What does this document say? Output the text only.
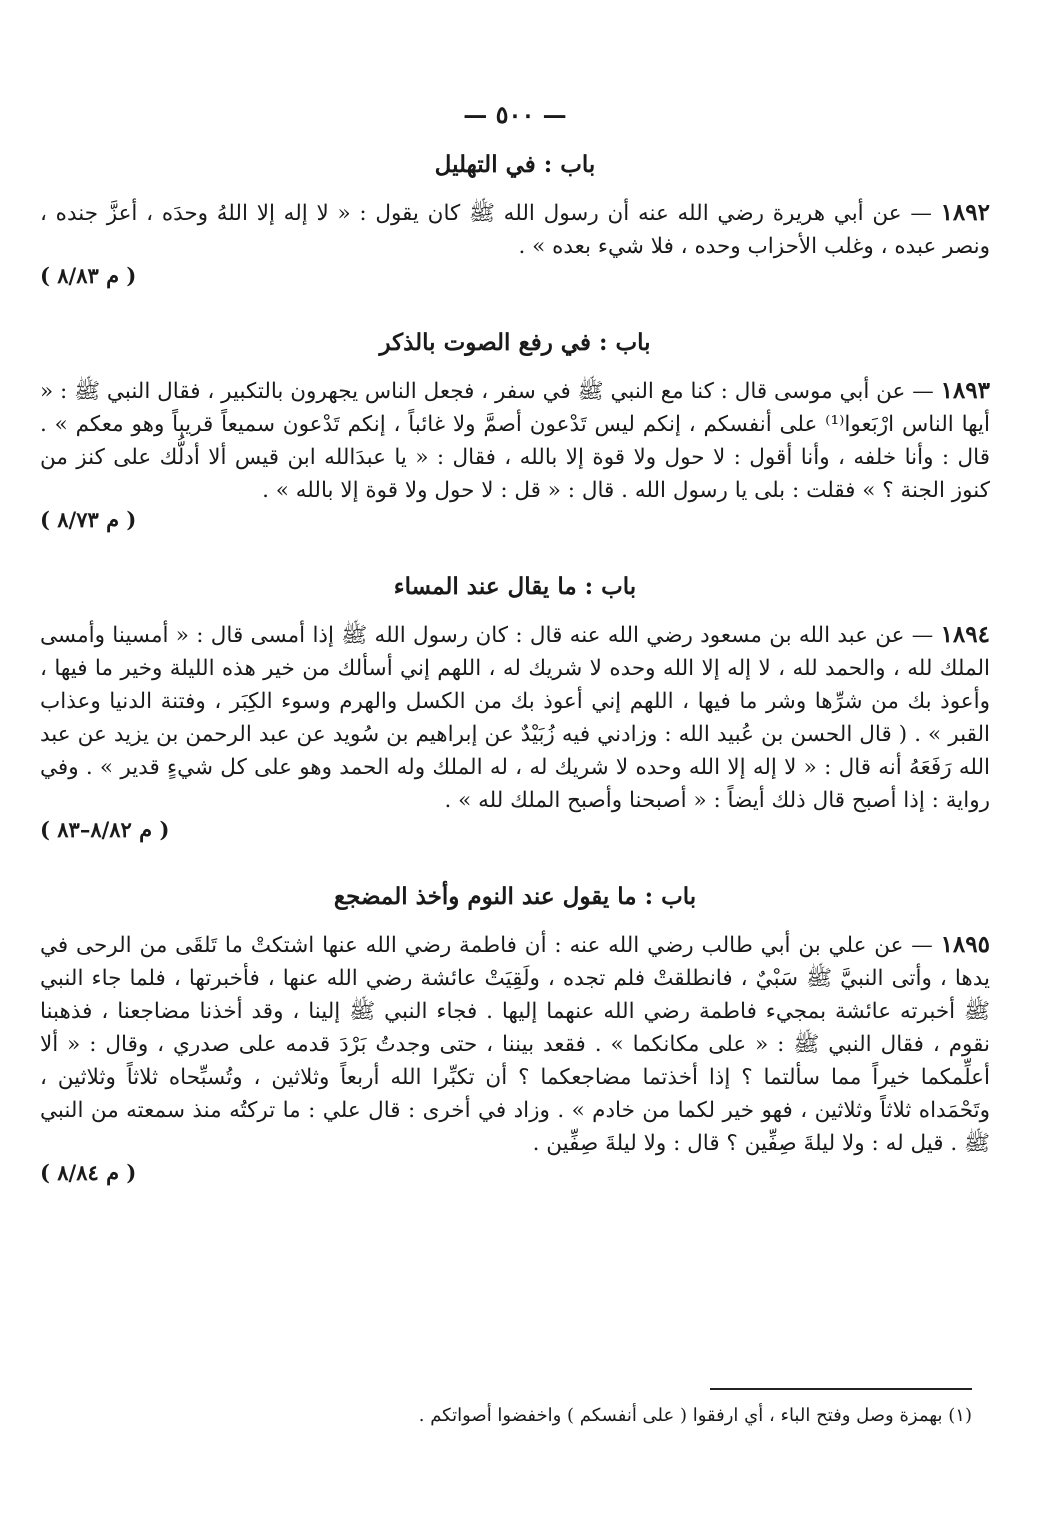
— ٥٠٠ —
باب : في التهليل

١٨٩٢ — عن أبي هريرة رضي الله عنه أن رسول الله ﷺ كان يقول : « لا إله إلا اللهُ وحدَه ، أعزَّ جنده ، ونصر عبده ، وغلب الأحزاب وحده ، فلا شيء بعده » .

( م ٨/٨٣ )
باب : في رفع الصوت بالذكر

١٨٩٣ — عن أبي موسى قال : كنا مع النبي ﷺ في سفر ، فجعل الناس يجهرون بالتكبير ، فقال النبي ﷺ : « أيها الناس ارْبَعوا⁽¹⁾ على أنفسكم ، إنكم ليس تَدْعون أصمَّ ولا غائباً ، إنكم تَدْعون سميعاً قريباً وهو معكم » . قال : وأنا خلفه ، وأنا أقول : لا حول ولا قوة إلا بالله ، فقال : « يا عبدَالله ابن قيس ألا أدلُّك على كنز من كنوز الجنة ؟ » فقلت : بلى يا رسول الله . قال : « قل : لا حول ولا قوة إلا بالله » .

( م ٨/٧٣ )
باب : ما يقال عند المساء

١٨٩٤ — عن عبد الله بن مسعود رضي الله عنه قال : كان رسول الله ﷺ إذا أمسى قال : « أمسينا وأمسى الملك لله ، والحمد لله ، لا إله إلا الله وحده لا شريك له ، اللهم إني أسألك من خير هذه الليلة وخير ما فيها ، وأعوذ بك من شرِّها وشر ما فيها ، اللهم إني أعوذ بك من الكسل والهرم وسوء الكِبَر ، وفتنة الدنيا وعذاب القبر » . ( قال الحسن بن عُبيد الله : وزادني فيه زُبَيْدٌ عن إبراهيم بن سُويد عن عبد الرحمن بن يزيد عن عبد الله رَفَعَهُ أنه قال : « لا إله إلا الله وحده لا شريك له ، له الملك وله الحمد وهو على كل شيءٍ قدير » . وفي رواية : إذا أصبح قال ذلك أيضاً : « أصبحنا وأصبح الملك لله » .

( م ٨/٨٢–٨٣ )
باب : ما يقول عند النوم وأخذ المضجع

١٨٩٥ — عن علي بن أبي طالب رضي الله عنه : أن فاطمة رضي الله عنها اشتكتْ ما تَلقَى من الرحى في يدها ، وأتى النبيَّ ﷺ سَبْيٌ ، فانطلقتْ فلم تجده ، ولَقِيَتْ عائشة رضي الله عنها ، فأخبرتها ، فلما جاء النبي ﷺ أخبرته عائشة بمجيء فاطمة رضي الله عنهما إليها . فجاء النبي ﷺ إلينا ، وقد أخذنا مضاجعنا ، فذهبنا نقوم ، فقال النبي ﷺ : « على مكانكما » . فقعد بيننا ، حتى وجدتُ بَرْدَ قدمه على صدري ، وقال : « ألا أعلِّمكما خيراً مما سألتما ؟ إذا أخذتما مضاجعكما ؟ أن تكبِّرا الله أربعاً وثلاثين ، وتُسبِّحاه ثلاثاً وثلاثين ، وتَحْمَداه ثلاثاً وثلاثين ، فهو خير لكما من خادم » . وزاد في أخرى : قال علي : ما تركتُه منذ سمعته من النبي ﷺ . قيل له : ولا ليلةَ صِفِّين ؟ قال : ولا ليلةَ صِفِّين .

( م ٨/٨٤ )
(١) بهمزة وصل وفتح الباء ، أي ارفقوا ( على أنفسكم ) واخفضوا أصواتكم .
